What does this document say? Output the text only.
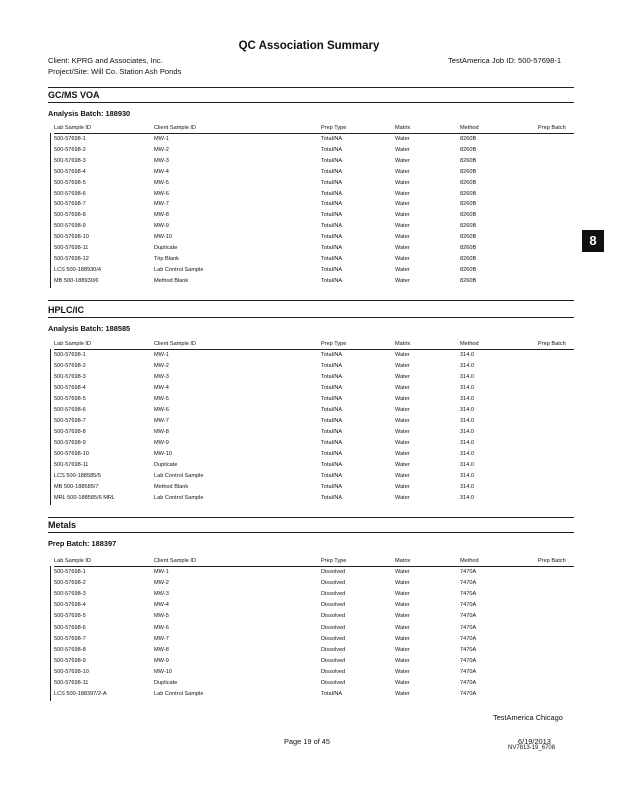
QC Association Summary
Client: KPRG and Associates, Inc.
Project/Site: Will Co. Station Ash Ponds
TestAmerica Job ID: 500-57698-1
8
GC/MS VOA
Analysis Batch: 188930
Lab Sample ID	Client Sample ID	Prep Type	Matrix	Method	Prep Batch
500-57698-1	MW-1	Total/NA	Water	8260B
500-57698-2	MW-2	Total/NA	Water	8260B
500-57698-3	MW-3	Total/NA	Water	8260B
500-57698-4	MW-4	Total/NA	Water	8260B
500-57698-5	MW-5	Total/NA	Water	8260B
500-57698-6	MW-6	Total/NA	Water	8260B
500-57698-7	MW-7	Total/NA	Water	8260B
500-57698-8	MW-8	Total/NA	Water	8260B
500-57698-9	MW-9	Total/NA	Water	8260B
500-57698-10	MW-10	Total/NA	Water	8260B
500-57698-11	Duplicate	Total/NA	Water	8260B
500-57698-12	Trip Blank	Total/NA	Water	8260B
LCS 500-188930/4	Lab Control Sample	Total/NA	Water	8260B
MB 500-188930/6	Method Blank	Total/NA	Water	8260B
HPLC/IC
Analysis Batch: 188585
Lab Sample ID	Client Sample ID	Prep Type	Matrix	Method	Prep Batch
500-57698-1	MW-1	Total/NA	Water	314.0
500-57698-2	MW-2	Total/NA	Water	314.0
500-57698-3	MW-3	Total/NA	Water	314.0
500-57698-4	MW-4	Total/NA	Water	314.0
500-57698-5	MW-5	Total/NA	Water	314.0
500-57698-6	MW-6	Total/NA	Water	314.0
500-57698-7	MW-7	Total/NA	Water	314.0
500-57698-8	MW-8	Total/NA	Water	314.0
500-57698-9	MW-9	Total/NA	Water	314.0
500-57698-10	MW-10	Total/NA	Water	314.0
500-57698-11	Duplicate	Total/NA	Water	314.0
LCS 500-188585/5	Lab Control Sample	Total/NA	Water	314.0
MB 500-188585/7	Method Blank	Total/NA	Water	314.0
MRL 500-188585/6 MRL	Lab Control Sample	Total/NA	Water	314.0
Metals
Prep Batch: 188397
Lab Sample ID	Client Sample ID	Prep Type	Matrix	Method	Prep Batch
500-57698-1	MW-1	Dissolved	Water	7470A
500-57698-2	MW-2	Dissolved	Water	7470A
500-57698-3	MW-3	Dissolved	Water	7470A
500-57698-4	MW-4	Dissolved	Water	7470A
500-57698-5	MW-5	Dissolved	Water	7470A
500-57698-6	MW-6	Dissolved	Water	7470A
500-57698-7	MW-7	Dissolved	Water	7470A
500-57698-8	MW-8	Dissolved	Water	7470A
500-57698-9	MW-9	Dissolved	Water	7470A
500-57698-10	MW-10	Dissolved	Water	7470A
500-57698-11	Duplicate	Dissolved	Water	7470A
LCS 500-188397/2-A	Lab Control Sample	Total/NA	Water	7470A
TestAmerica Chicago
Page 19 of 45	6/19/2013
NV7813-19_6708
